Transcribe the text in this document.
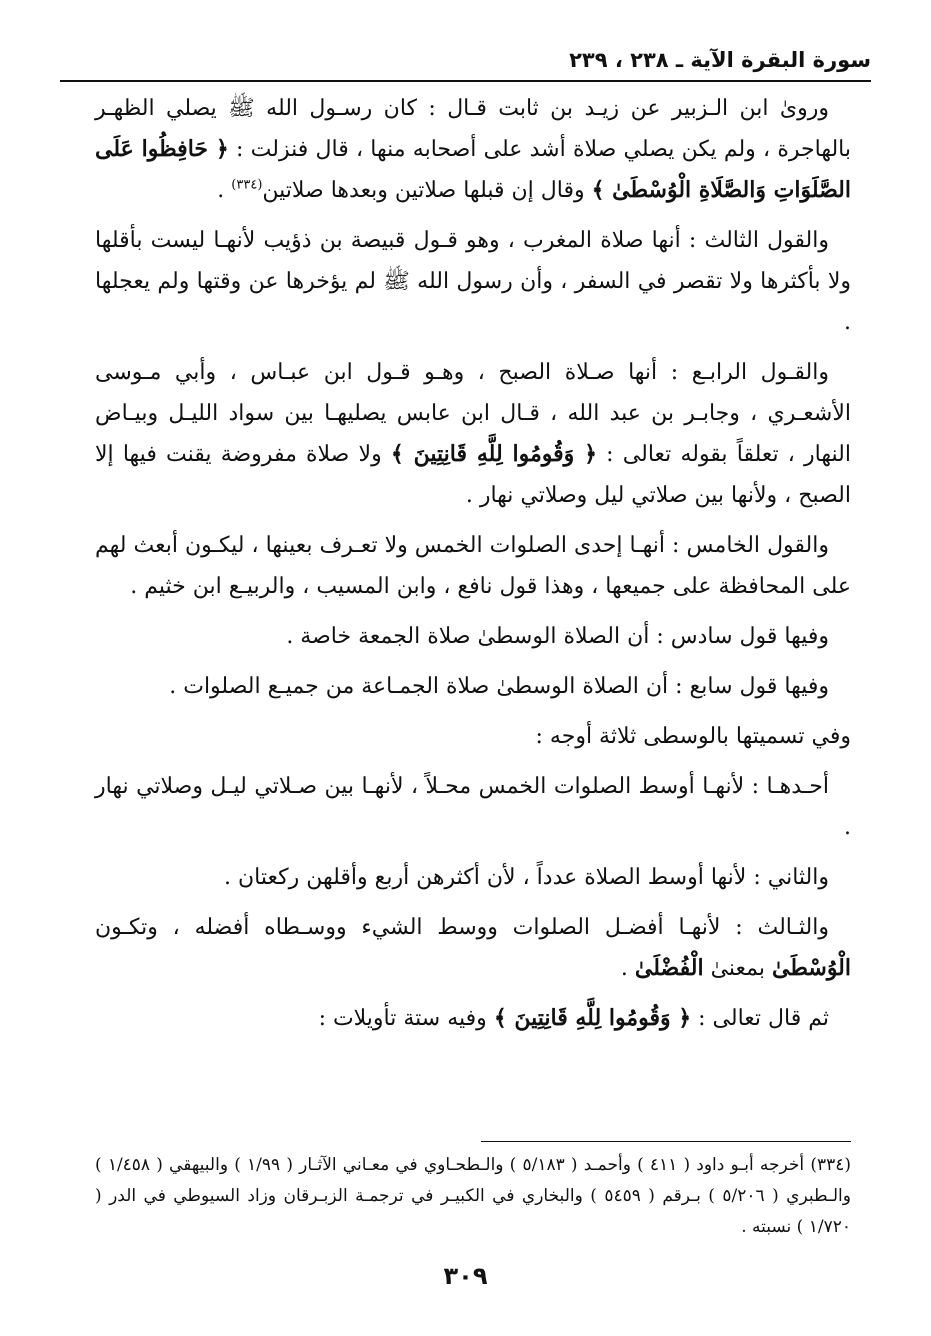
سورة البقرة الآية ـ ٢٣٨ ، ٢٣٩

وروىٰ ابن الـزبير عن زيـد بن ثابت قـال : كان رسـول الله ﷺ يصلي الظهـر بالهاجرة ، ولم يكن يصلي صلاة أشد على أصحابه منها ، قال فنزلت : ﴿ حَافِظُوا عَلَى الصَّلَوَاتِ وَالصَّلَاةِ الْوُسْطَىٰ ﴾ وقال إن قبلها صلاتين وبعدها صلاتين$^{(٣٣٤)}$ .

والقول الثالث : أنها صلاة المغرب ، وهو قـول قبيصة بن ذؤيب لأنهـا ليست بأقلها ولا بأكثرها ولا تقصر في السفر ، وأن رسول الله ﷺ لم يؤخرها عن وقتها ولم يعجلها .

والقـول الرابـع : أنها صـلاة الصبح ، وهـو قـول ابن عبـاس ، وأبي مـوسى الأشعـري ، وجابـر بن عبد الله ، قـال ابن عابس يصليهـا بين سواد الليـل وبيـاض النهار ، تعلقاً بقوله تعالى : ﴿ وَقُومُوا لِلَّهِ قَانِتِينَ ﴾ ولا صلاة مفروضة يقنت فيها إلا الصبح ، ولأنها بين صلاتي ليل وصلاتي نهار .

والقول الخامس : أنهـا إحدى الصلوات الخمس ولا تعـرف بعينها ، ليكـون أبعث لهم على المحافظة على جميعها ، وهذا قول نافع ، وابن المسيب ، والربيـع ابن خثيم .

وفيها قول سادس : أن الصلاة الوسطىٰ صلاة الجمعة خاصة .

وفيها قول سابع : أن الصلاة الوسطىٰ صلاة الجمـاعة من جميـع الصلوات .

وفي تسميتها بالوسطى ثلاثة أوجه :

أحـدهـا : لأنهـا أوسط الصلوات الخمس محـلاً ، لأنهـا بين صـلاتي ليـل وصلاتي نهار .

والثاني : لأنها أوسط الصلاة عدداً ، لأن أكثرهن أربع وأقلهن ركعتان .

والثـالث : لأنهـا أفضـل الصلوات ووسط الشيء ووسـطاه أفضله ، وتكـون الْوُسْطَىٰ بمعنىٰ الْفُضْلَىٰ .

ثم قال تعالى : ﴿ وَقُومُوا لِلَّهِ قَانِتِينَ ﴾ وفيه ستة تأويلات :

(٣٣٤) أخرجه أبـو داود ( ٤١١ ) وأحمـد ( ٥/١٨٣ ) والـطحـاوي في معـاني الآثـار ( ١/٩٩ ) والبيهقي ( ١/٤٥٨ ) والـطبري ( ٥/٢٠٦ ) بـرقم ( ٥٤٥٩ ) والبخاري في الكبيـر في ترجمـة الزبـرقان وزاد السيوطي في الدر ( ١/٧٢٠ ) نسبته .

٣٠٩
